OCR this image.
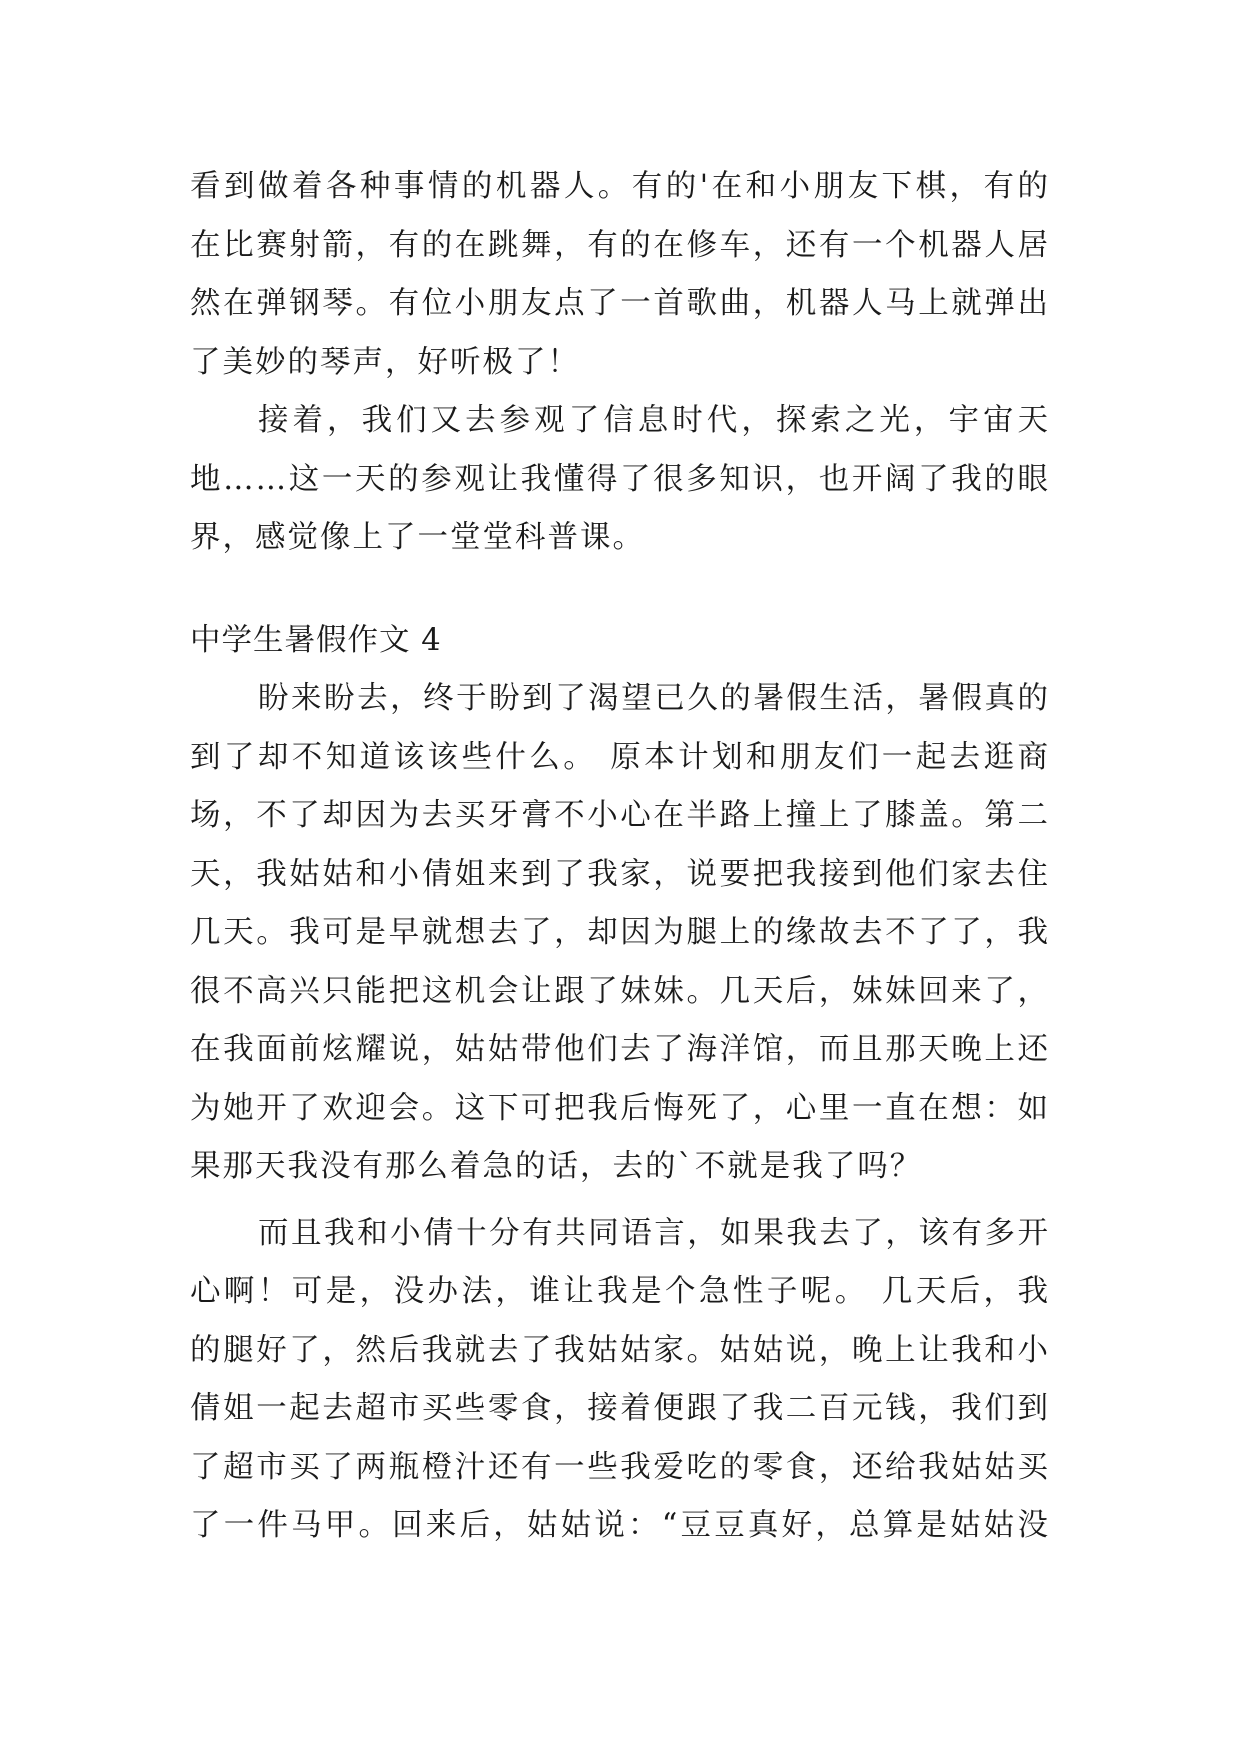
看到做着各种事情的机器人。有的'在和小朋友下棋，有的
在比赛射箭，有的在跳舞，有的在修车，还有一个机器人居
然在弹钢琴。有位小朋友点了一首歌曲，机器人马上就弹出
了美妙的琴声，好听极了！
接着，我们又去参观了信息时代，探索之光，宇宙天
地……这一天的参观让我懂得了很多知识，也开阔了我的眼
界，感觉像上了一堂堂科普课。
中学生暑假作文 4
盼来盼去，终于盼到了渴望已久的暑假生活，暑假真的
到了却不知道该该些什么。 原本计划和朋友们一起去逛商
场，不了却因为去买牙膏不小心在半路上撞上了膝盖。第二
天，我姑姑和小倩姐来到了我家，说要把我接到他们家去住
几天。我可是早就想去了，却因为腿上的缘故去不了了，我
很不高兴只能把这机会让跟了妹妹。几天后，妹妹回来了，
在我面前炫耀说，姑姑带他们去了海洋馆，而且那天晚上还
为她开了欢迎会。这下可把我后悔死了，心里一直在想：如
果那天我没有那么着急的话，去的`不就是我了吗？
而且我和小倩十分有共同语言，如果我去了，该有多开
心啊！可是，没办法，谁让我是个急性子呢。 几天后，我
的腿好了，然后我就去了我姑姑家。姑姑说，晚上让我和小
倩姐一起去超市买些零食，接着便跟了我二百元钱，我们到
了超市买了两瓶橙汁还有一些我爱吃的零食，还给我姑姑买
了一件马甲。回来后，姑姑说：“豆豆真好，总算是姑姑没
